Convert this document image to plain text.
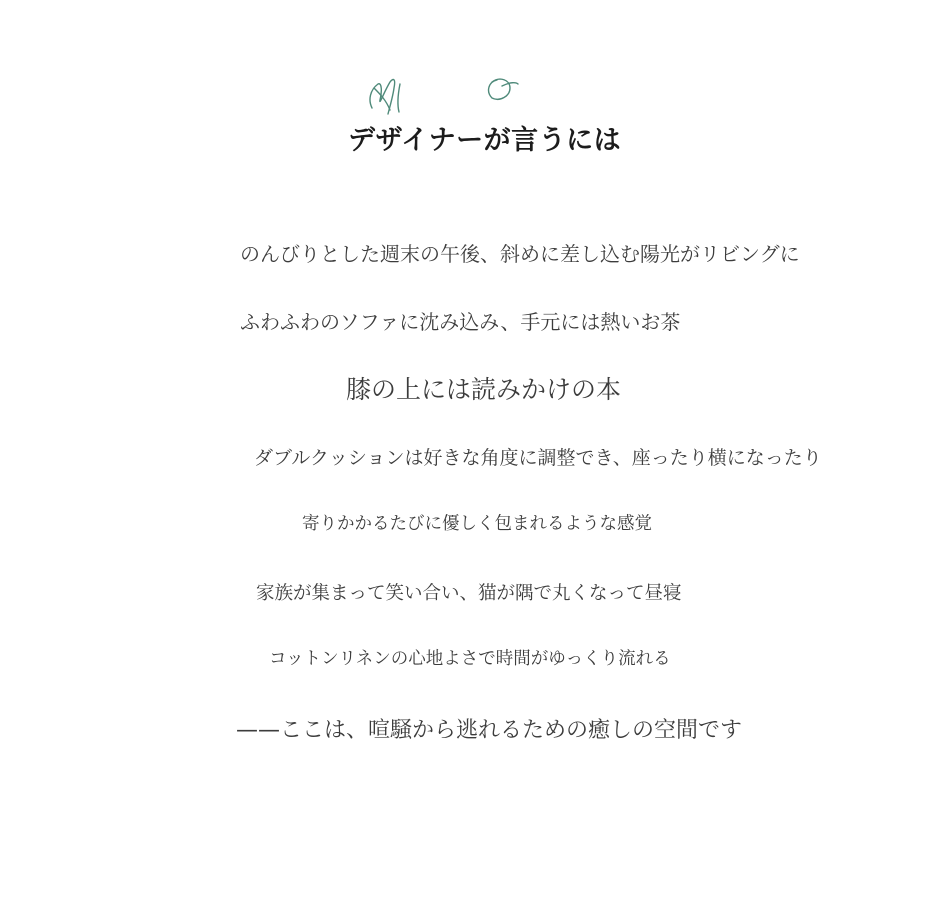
デザイナーが言うには
のんびりとした週末の午後、斜めに差し込む陽光がリビングに
ふわふわのソファに沈み込み、手元には熱いお茶
膝の上には読みかけの本
ダブルクッションは好きな角度に調整でき、座ったり横になったり
寄りかかるたびに優しく包まれるような感覚
家族が集まって笑い合い、猫が隅で丸くなって昼寝
コットンリネンの心地よさで時間がゆっくり流れる
——ここは、喧騒から逃れるための癒しの空間です
